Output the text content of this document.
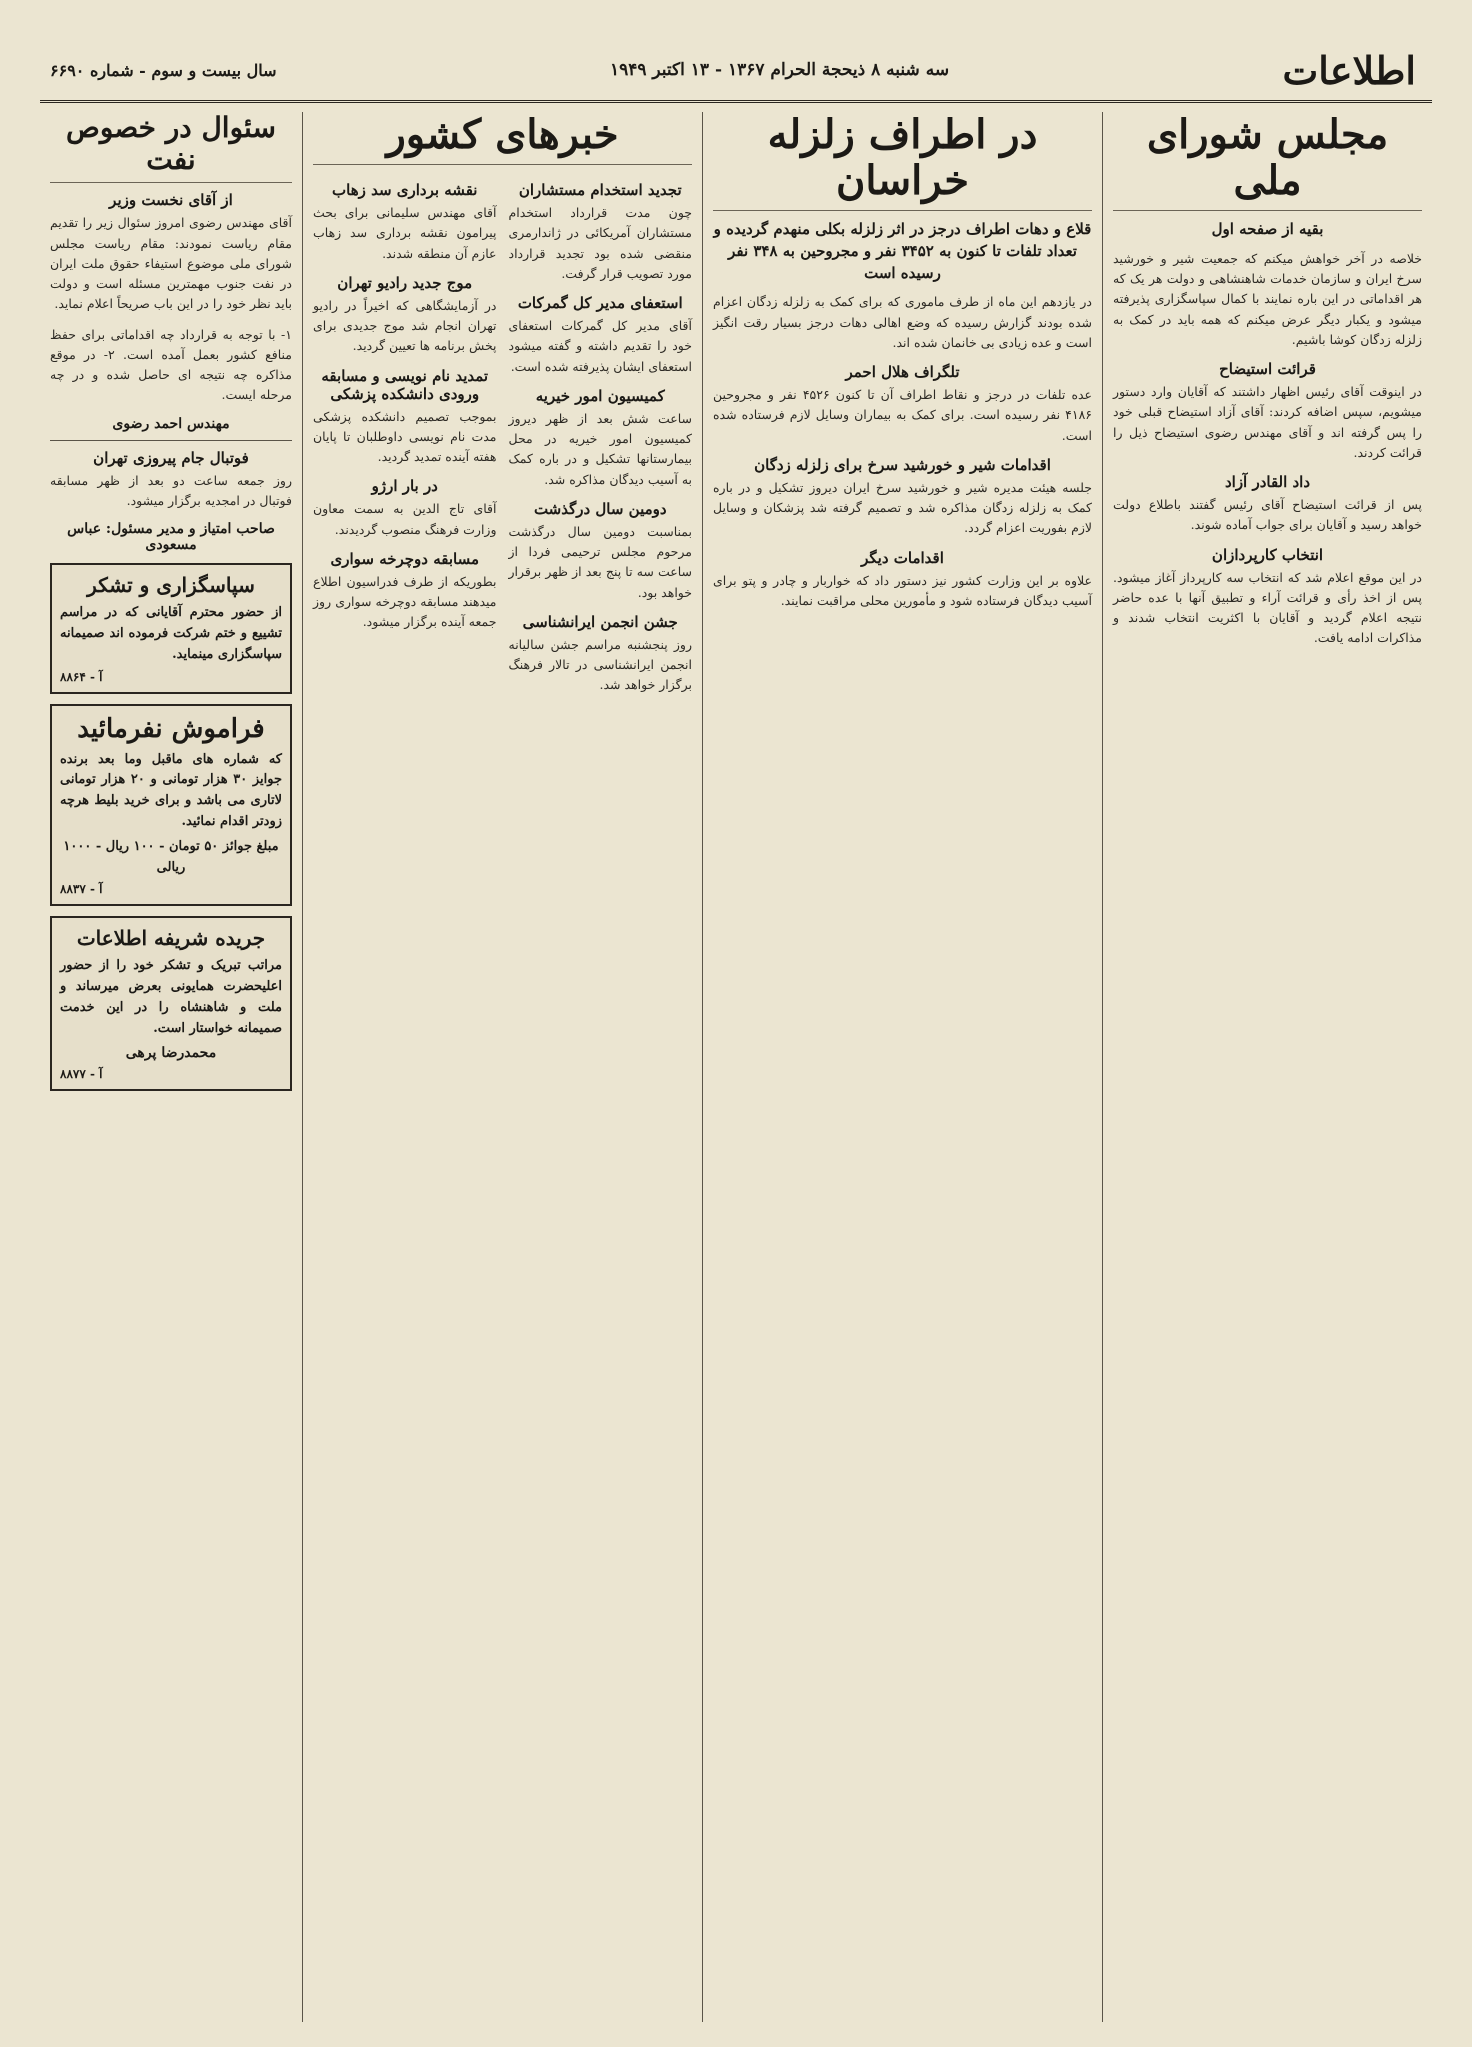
اطلاعات
سه شنبه ۸ ذیحجة الحرام ۱۳۶۷ - ۱۳ اکتبر ۱۹۴۹
سال بیست و سوم - شماره ۶۶۹۰
مجلس شورای ملی
بقیه از صفحه اول

خلاصه در آخر خواهش میکنم که جمعیت شیر و خورشید سرخ ایران و سازمان خدمات شاهنشاهی و دولت هر یک که هر اقداماتی در این باره نمایند با کمال سپاسگزاری پذیرفته میشود و یکبار دیگر عرض میکنم که همه باید در کمک به زلزله زدگان کوشا باشیم.

قرائت استیضاح

در اینوقت آقای رئیس اظهار داشتند که آقایان وارد دستور میشویم، سپس اضافه کردند: آقای آزاد استیضاح قبلی خود را پس گرفته اند و آقای مهندس رضوی استیضاح ذیل را قرائت کردند.

داد القادر آزاد

پس از قرائت استیضاح آقای رئیس گفتند باطلاع دولت خواهد رسید و آقایان برای جواب آماده شوند.

انتخاب کارپردازان

در این موقع اعلام شد که انتخاب سه کارپرداز آغاز میشود. پس از اخذ رأی و قرائت آراء و تطبیق آنها با عده حاضر نتیجه اعلام گردید و آقایان با اکثریت انتخاب شدند و مذاکرات ادامه یافت.

در اطراف زلزله خراسان
قلاع و دهات اطراف درجز در اثر زلزله بکلی منهدم گردیده و تعداد تلفات تا کنون به ۳۴۵۲ نفر و مجروحین به ۳۴۸ نفر رسیده است

در یازدهم این ماه از طرف ماموری که برای کمک به زلزله زدگان اعزام شده بودند گزارش رسیده که وضع اهالی دهات درجز بسیار رقت انگیز است و عده زیادی بی خانمان شده اند.

تلگراف هلال احمر

عده تلفات در درجز و نقاط اطراف آن تا کنون ۴۵۲۶ نفر و مجروحین ۴۱۸۶ نفر رسیده است. برای کمک به بیماران وسایل لازم فرستاده شده است.

اقدامات شیر و خورشید سرخ برای زلزله زدگان

جلسه هیئت مدیره شیر و خورشید سرخ ایران دیروز تشکیل و در باره کمک به زلزله زدگان مذاکره شد و تصمیم گرفته شد پزشکان و وسایل لازم بفوریت اعزام گردد.

اقدامات دیگر

علاوه بر این وزارت کشور نیز دستور داد که خواربار و چادر و پتو برای آسیب دیدگان فرستاده شود و مأمورین محلی مراقبت نمایند.

خبرهای کشور
تجدید استخدام مستشاران

چون مدت قرارداد استخدام مستشاران آمریکائی در ژاندارمری منقضی شده بود تجدید قرارداد مورد تصویب قرار گرفت.

استعفای مدیر کل گمرکات

آقای مدیر کل گمرکات استعفای خود را تقدیم داشته و گفته میشود استعفای ایشان پذیرفته شده است.

کمیسیون امور خیریه

ساعت شش بعد از ظهر دیروز کمیسیون امور خیریه در محل بیمارستانها تشکیل و در باره کمک به آسیب دیدگان مذاکره شد.

دومین سال درگذشت

بمناسبت دومین سال درگذشت مرحوم مجلس ترحیمی فردا از ساعت سه تا پنج بعد از ظهر برقرار خواهد بود.

جشن انجمن ایرانشناسی

روز پنجشنبه مراسم جشن سالیانه انجمن ایرانشناسی در تالار فرهنگ برگزار خواهد شد.

نقشه برداری سد زهاب

آقای مهندس سلیمانی برای بحث پیرامون نقشه برداری سد زهاب عازم آن منطقه شدند.

موج جدید رادیو تهران

در آزمایشگاهی که اخیراً در رادیو تهران انجام شد موج جدیدی برای پخش برنامه ها تعیین گردید.

تمدید نام نویسی و مسابقه ورودی دانشکده پزشکی

بموجب تصمیم دانشکده پزشکی مدت نام نویسی داوطلبان تا پایان هفته آینده تمدید گردید.

در بار ارژو

آقای تاج الدین به سمت معاون وزارت فرهنگ منصوب گردیدند.

مسابقه دوچرخه سواری

بطوریکه از طرف فدراسیون اطلاع میدهند مسابقه دوچرخه سواری روز جمعه آینده برگزار میشود.

سئوال در خصوص نفت
از آقای نخست وزیر

آقای مهندس رضوی امروز سئوال زیر را تقدیم مقام ریاست نمودند: مقام ریاست مجلس شورای ملی موضوع استیفاء حقوق ملت ایران در نفت جنوب مهمترین مسئله است و دولت باید نظر خود را در این باب صریحاً اعلام نماید.

۱- با توجه به قرارداد چه اقداماتی برای حفظ منافع کشور بعمل آمده است. ۲- در موقع مذاکره چه نتیجه ای حاصل شده و در چه مرحله ایست.

مهندس احمد رضوی
فوتبال جام پیروزی تهران

روز جمعه ساعت دو بعد از ظهر مسابقه فوتبال در امجدیه برگزار میشود.

صاحب امتیاز و مدیر مسئول: عباس مسعودی
سپاسگزاری و تشکر
از حضور محترم آقایانی که در مراسم تشییع و ختم شرکت فرموده اند صمیمانه سپاسگزاری مینماید.
آ - ۸۸۶۴
فراموش نفرمائید
که شماره های ماقبل وما بعد برنده جوایز ۳۰ هزار تومانی و ۲۰ هزار تومانی لاتاری می باشد و برای خرید بلیط هرچه زودتر اقدام نمائید.
مبلغ جوائز ۵۰ تومان - ۱۰۰ ریال - ۱۰۰۰ ریالی
آ - ۸۸۳۷
جریده شریفه اطلاعات
مراتب تبریک و تشکر خود را از حضور اعلیحضرت همایونی بعرض میرساند و ملت و شاهنشاه را در این خدمت صمیمانه خواستار است.
محمدرضا پرهی
آ - ۸۸۷۷
